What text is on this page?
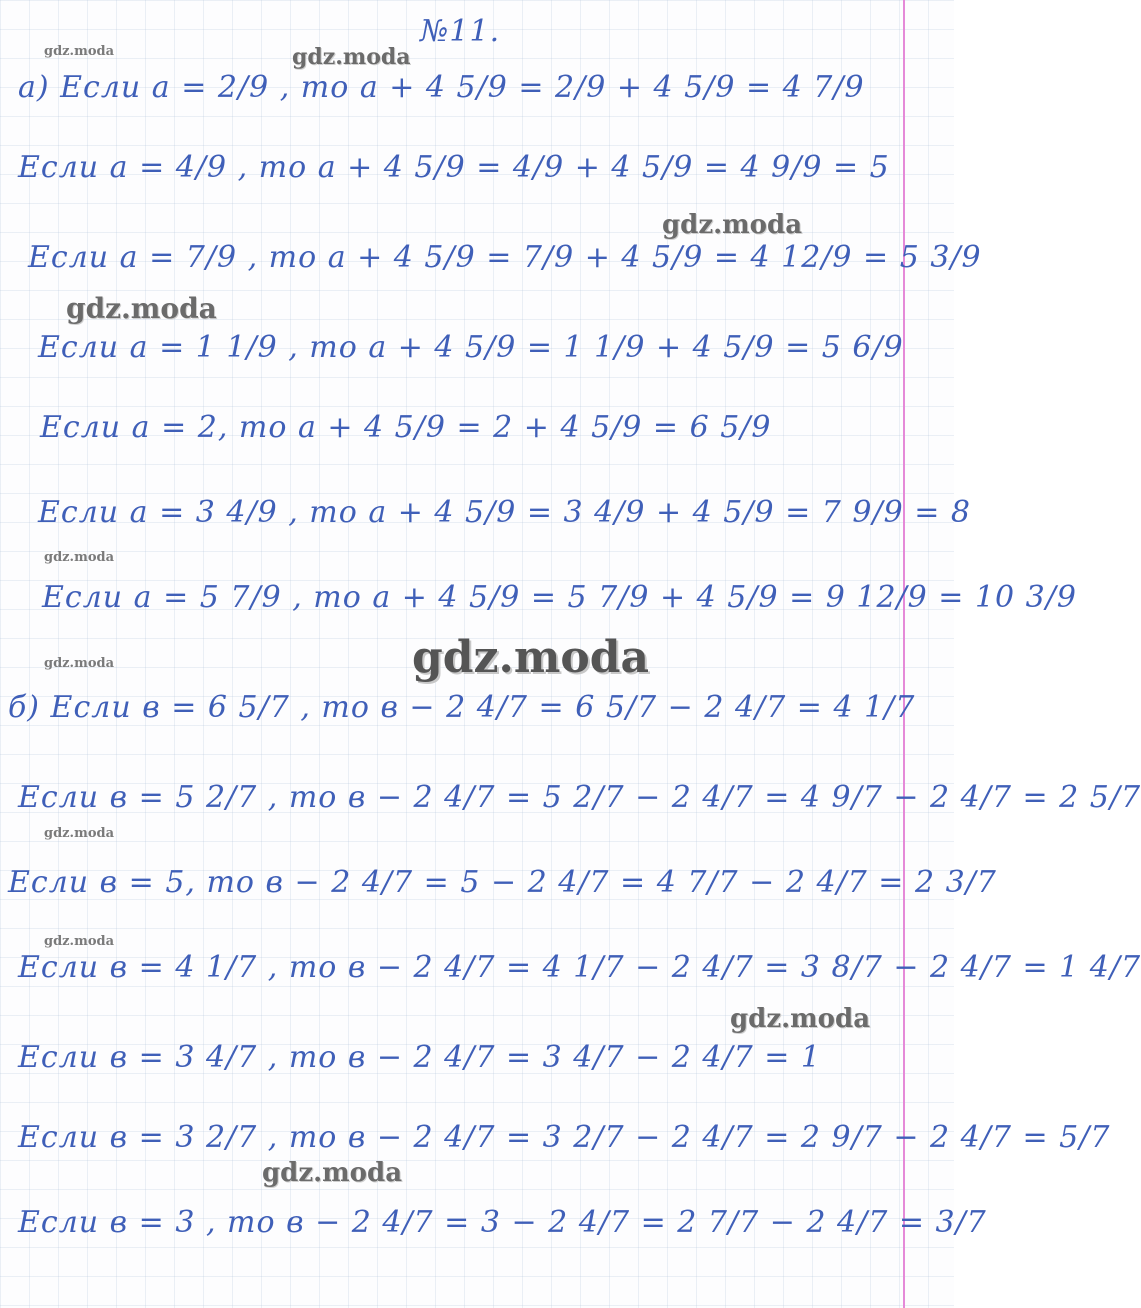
№11.
а) Если a = 2/9 , то a + 4 5/9 = 2/9 + 4 5/9 = 4 7/9
Если a = 4/9 , то a + 4 5/9 = 4/9 + 4 5/9 = 4 9/9 = 5
Если a = 7/9 , то a + 4 5/9 = 7/9 + 4 5/9 = 4 12/9 = 5 3/9
Если a = 1 1/9 , то a + 4 5/9 = 1 1/9 + 4 5/9 = 5 6/9
Если a = 2, то a + 4 5/9 = 2 + 4 5/9 = 6 5/9
Если a = 3 4/9 , то a + 4 5/9 = 3 4/9 + 4 5/9 = 7 9/9 = 8
Если a = 5 7/9 , то a + 4 5/9 = 5 7/9 + 4 5/9 = 9 12/9 = 10 3/9
б) Если в = 6 5/7 , то в − 2 4/7 = 6 5/7 − 2 4/7 = 4 1/7
Если в = 5 2/7 , то в − 2 4/7 = 5 2/7 − 2 4/7 = 4 9/7 − 2 4/7 = 2 5/7
Если в = 5, то в − 2 4/7 = 5 − 2 4/7 = 4 7/7 − 2 4/7 = 2 3/7
Если в = 4 1/7 , то в − 2 4/7 = 4 1/7 − 2 4/7 = 3 8/7 − 2 4/7 = 1 4/7
Если в = 3 4/7 , то в − 2 4/7 = 3 4/7 − 2 4/7 = 1
Если в = 3 2/7 , то в − 2 4/7 = 3 2/7 − 2 4/7 = 2 9/7 − 2 4/7 = 5/7
Если в = 3 , то в − 2 4/7 = 3 − 2 4/7 = 2 7/7 − 2 4/7 = 3/7
gdz.moda	gdz.moda
gdz.moda
gdz.moda
gdz.moda
gdz.moda
gdz.moda
gdz.moda
gdz.moda
gdz.moda
gdz.moda
